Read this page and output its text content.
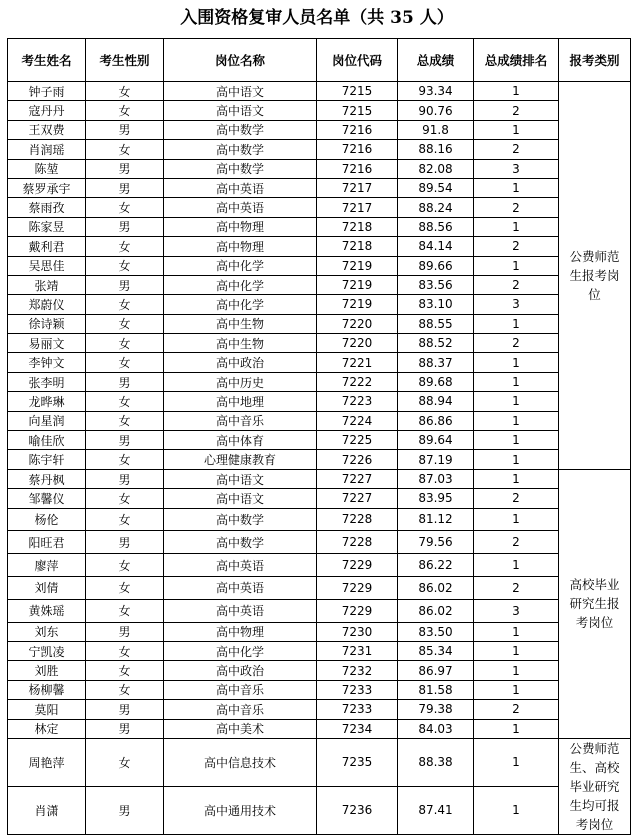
入围资格复审人员名单（共 35 人）
考生姓名	考生性别	岗位名称	岗位代码	总成绩	总成绩排名	报考类别
钟子雨	女	高中语文	7215	93.34	1	公费师范生报考岗位
寇丹丹	女	高中语文	7215	90.76	2	
王双费	男	高中数学	7216	91.8	1	
肖润瑶	女	高中数学	7216	88.16	2	
陈堃	男	高中数学	7216	82.08	3	
蔡罗承宇	男	高中英语	7217	89.54	1	
蔡雨孜	女	高中英语	7217	88.24	2	
陈家昱	男	高中物理	7218	88.56	1	
戴利君	女	高中物理	7218	84.14	2	
吴思佳	女	高中化学	7219	89.66	1	
张靖	男	高中化学	7219	83.56	2	
郑蔚仪	女	高中化学	7219	83.10	3	
徐诗颖	女	高中生物	7220	88.55	1	
易丽文	女	高中生物	7220	88.52	2	
李钟文	女	高中政治	7221	88.37	1	
张李明	男	高中历史	7222	89.68	1	
龙晔琳	女	高中地理	7223	88.94	1	
向星润	女	高中音乐	7224	86.86	1	
喻佳欣	男	高中体育	7225	89.64	1	
陈宇轩	女	心理健康教育	7226	87.19	1	
蔡丹枫	男	高中语文	7227	87.03	1	高校毕业研究生报考岗位
邹馨仪	女	高中语文	7227	83.95	2	
杨伦	女	高中数学	7228	81.12	1	
阳旺君	男	高中数学	7228	79.56	2	
廖萍	女	高中英语	7229	86.22	1	
刘倩	女	高中英语	7229	86.02	2	
黄姝瑶	女	高中英语	7229	86.02	3	
刘东	男	高中物理	7230	83.50	1	
宁凯凌	女	高中化学	7231	85.34	1	
刘胜	女	高中政治	7232	86.97	1	
杨柳馨	女	高中音乐	7233	81.58	1	
莫阳	男	高中音乐	7233	79.38	2	
林定	男	高中美术	7234	84.03	1	
周艳萍	女	高中信息技术	7235	88.38	1	公费师范生、高校毕业研究生均可报考岗位
肖潇	男	高中通用技术	7236	87.41	1	
